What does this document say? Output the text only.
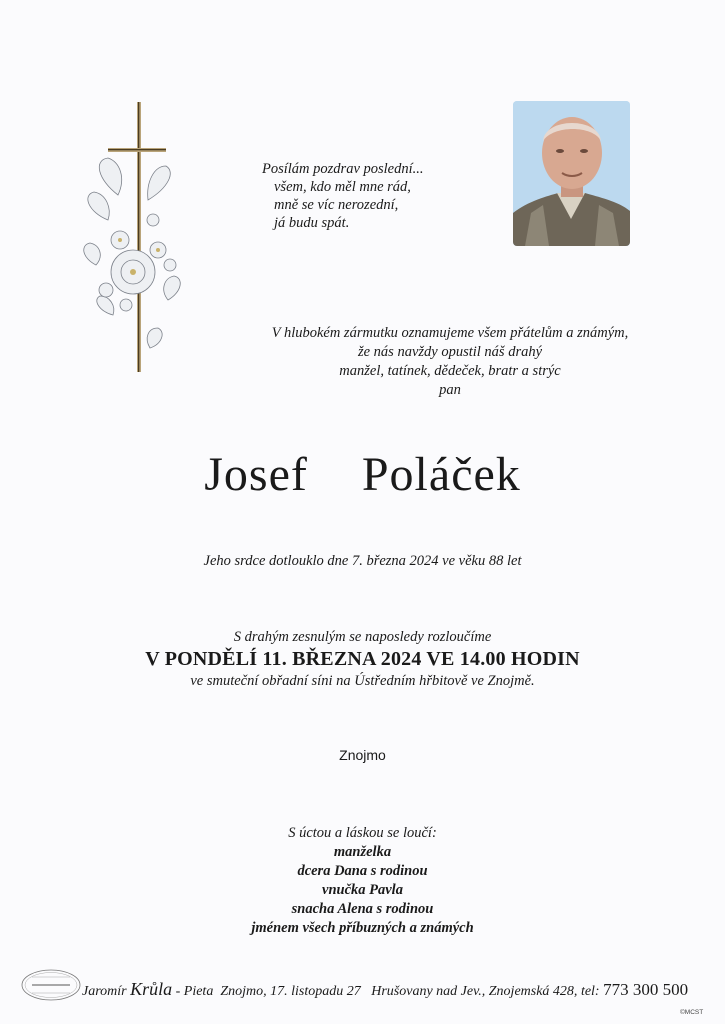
Posílám pozdrav poslední...
všem, kdo měl mne rád,
mně se víc nerozední,
já budu spát.
V hlubokém zármutku oznamujeme všem přátelům a známým,
že nás navždy opustil náš drahý
manžel, tatínek, dědeček, bratr a strýc
pan
Josef  Poláček
Jeho srdce dotlouklo dne 7. března 2024 ve věku 88 let
S drahým zesnulým se naposledy rozloučíme
V PONDĚLÍ 11. BŘEZNA 2024 VE 14.00 HODIN
ve smuteční obřadní síni na Ústředním hřbitově ve Znojmě.
Znojmo
S úctou a láskou se loučí:
manželka
dcera Dana s rodinou
vnučka Pavla
snacha Alena s rodinou
jménem všech příbuzných a známých
Jaromír Krůla - Pieta Znojmo, 17. listopadu 27 Hrušovany nad Jev., Znojemská 428, tel: 773 300 500
©MCST
